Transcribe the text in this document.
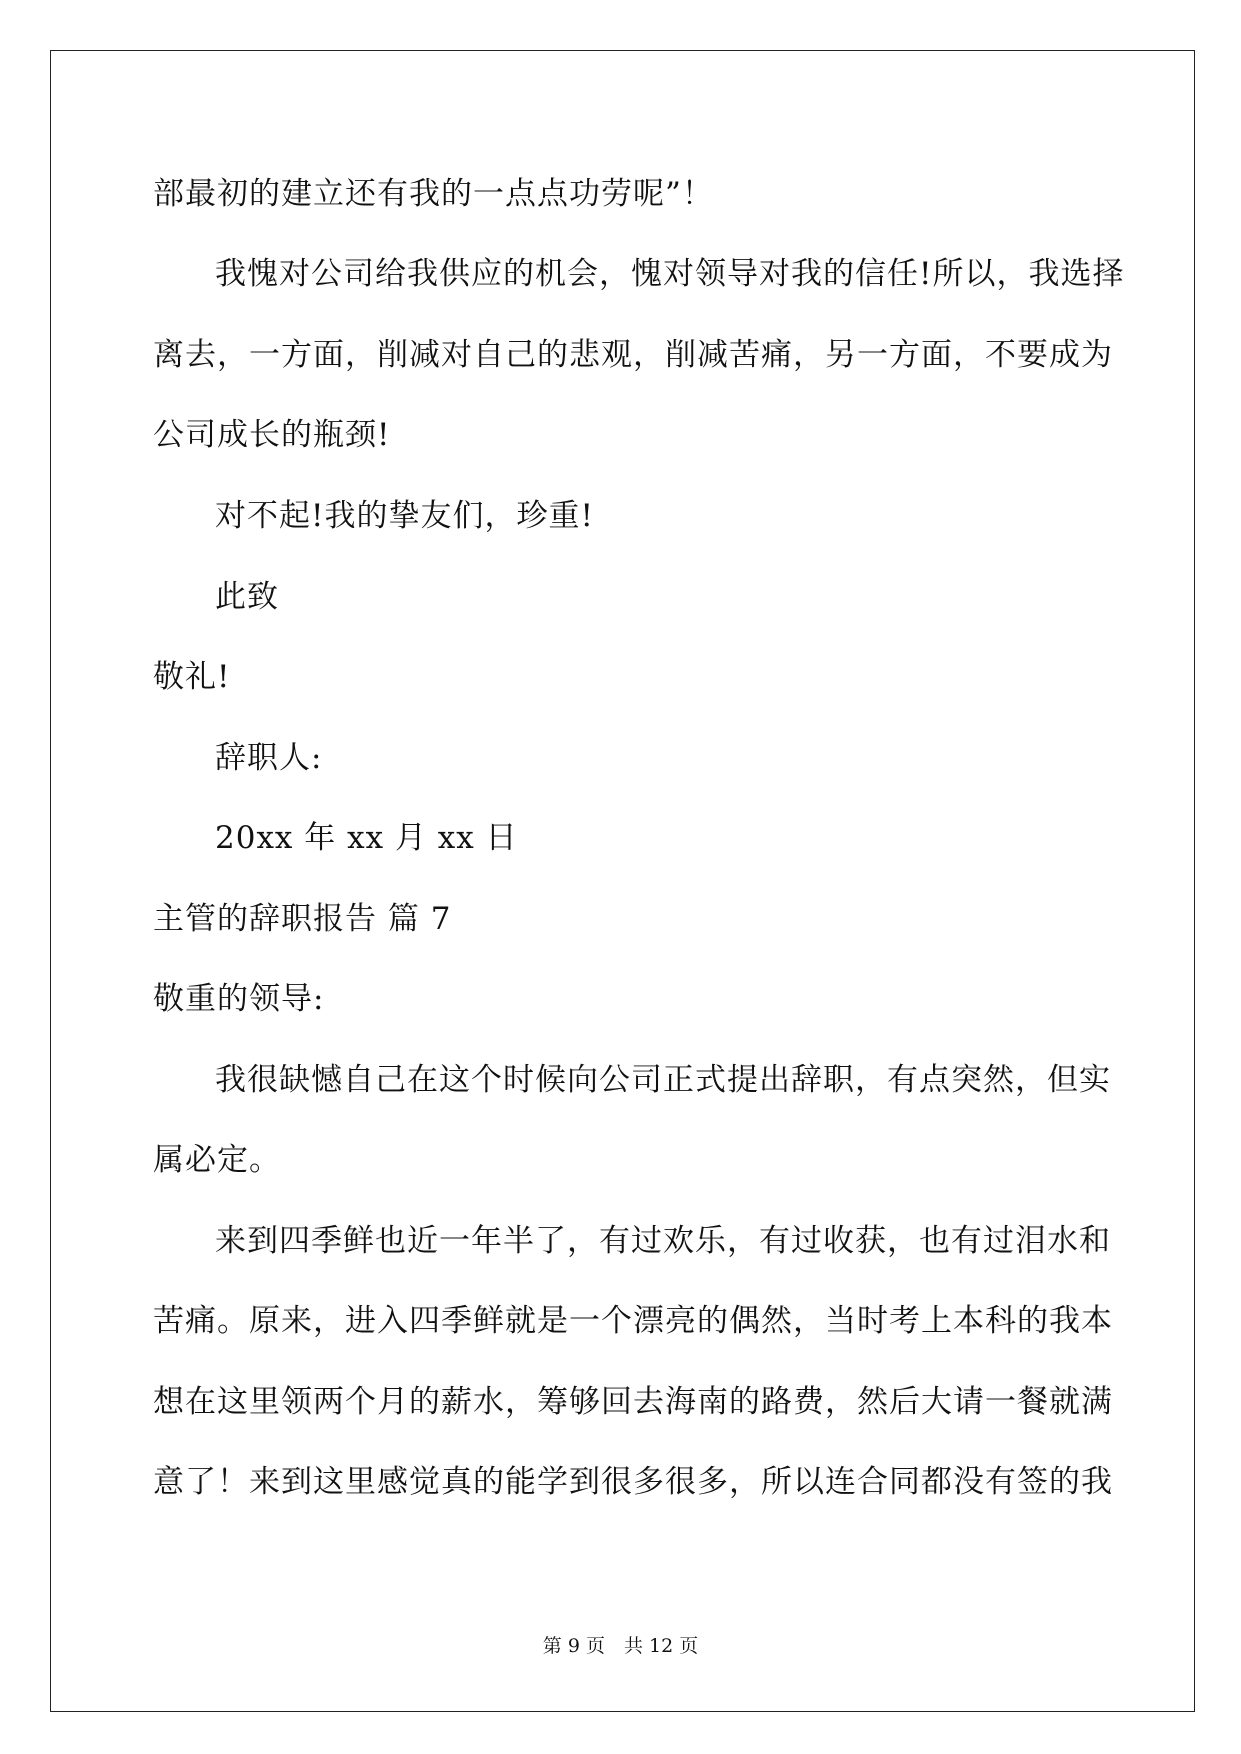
部最初的建立还有我的一点点功劳呢”！
我愧对公司给我供应的机会，愧对领导对我的信任!所以，我选择
离去，一方面，削减对自己的悲观，削减苦痛，另一方面，不要成为
公司成长的瓶颈!
对不起!我的挚友们，珍重!
此致
敬礼!
辞职人:
20xx 年 xx 月 xx 日
主管的辞职报告 篇 7
敬重的领导:
我很缺憾自己在这个时候向公司正式提出辞职，有点突然，但实
属必定。
来到四季鲜也近一年半了，有过欢乐，有过收获，也有过泪水和
苦痛。原来，进入四季鲜就是一个漂亮的偶然，当时考上本科的我本
想在这里领两个月的薪水，筹够回去海南的路费，然后大请一餐就满
意了！来到这里感觉真的能学到很多很多，所以连合同都没有签的我
第 9 页　共 12 页
